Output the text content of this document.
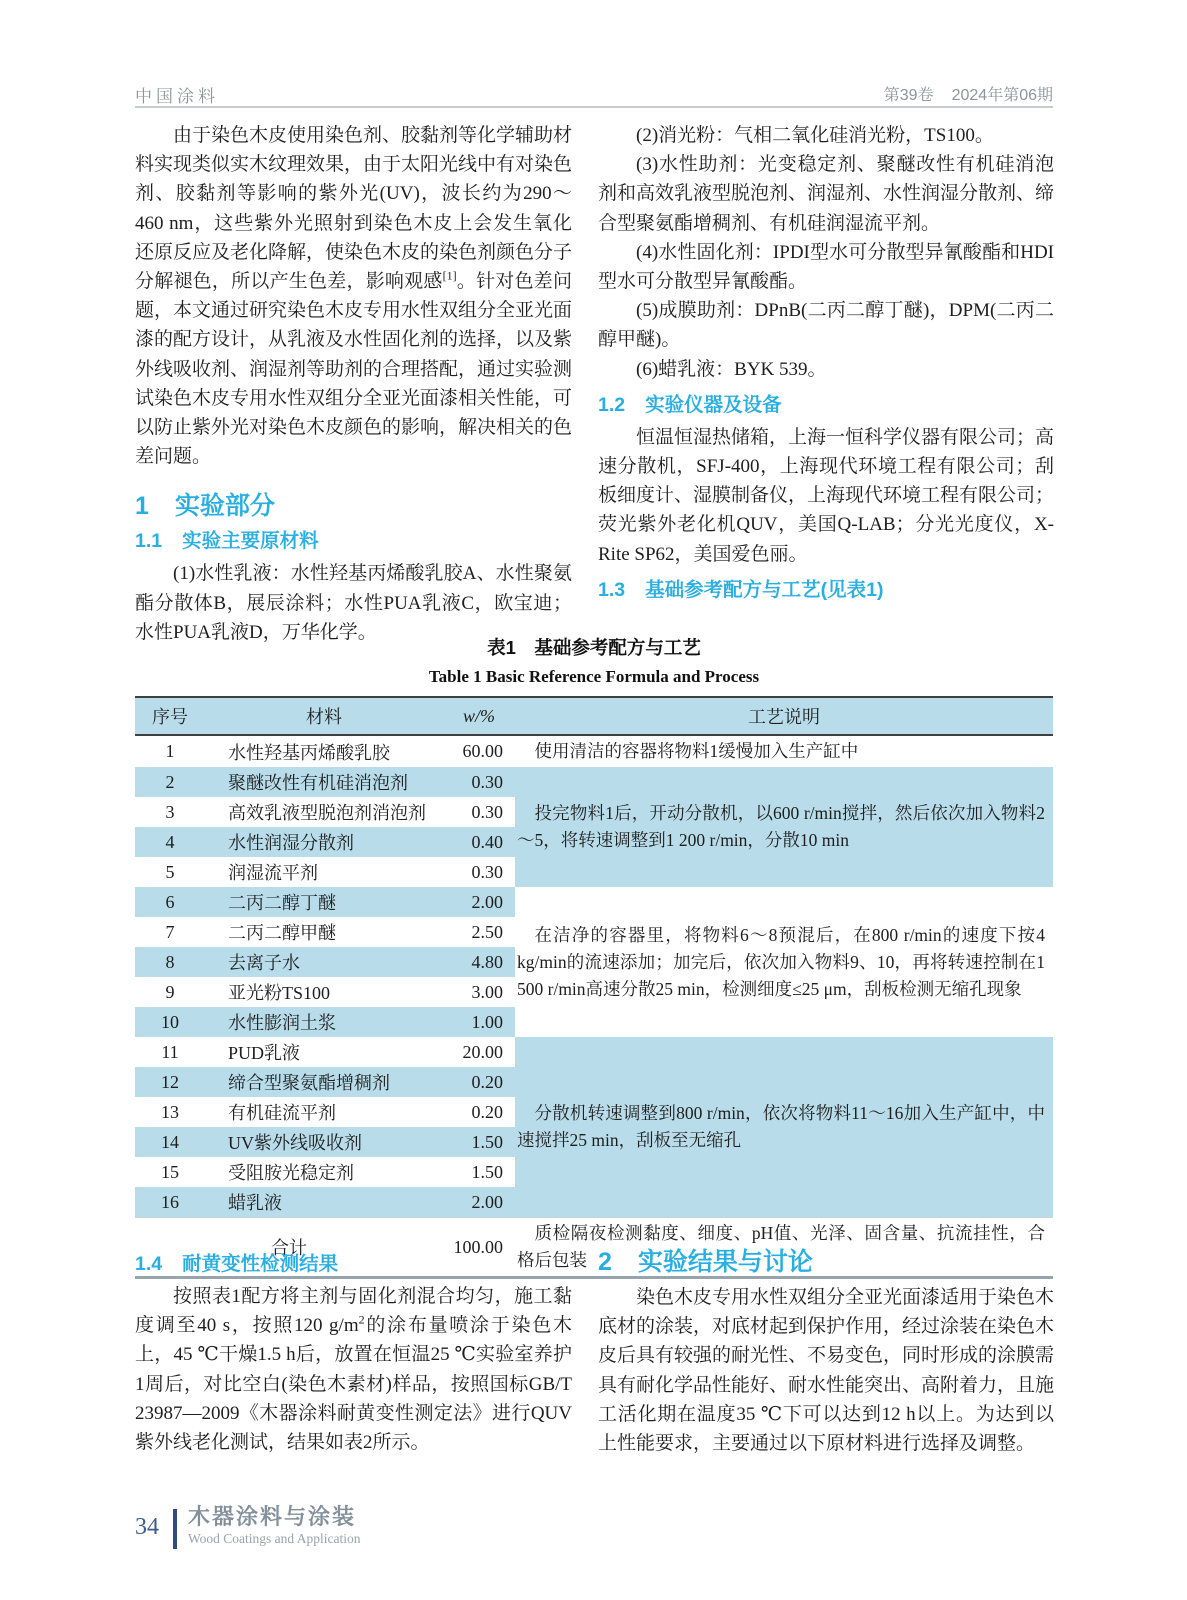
中国涂料	第39卷 2024年第06期

由于染色木皮使用染色剂、胶黏剂等化学辅助材料实现类似实木纹理效果，由于太阳光线中有对染色剂、胶黏剂等影响的紫外光(UV)，波长约为290～460 nm，这些紫外光照射到染色木皮上会发生氧化还原反应及老化降解，使染色木皮的染色剂颜色分子分解褪色，所以产生色差，影响观感[1]。针对色差问题，本文通过研究染色木皮专用水性双组分全亚光面漆的配方设计，从乳液及水性固化剂的选择，以及紫外线吸收剂、润湿剂等助剂的合理搭配，通过实验测试染色木皮专用水性双组分全亚光面漆相关性能，可以防止紫外光对染色木皮颜色的影响，解决相关的色差问题。

1 实验部分
1.1 实验主要原材料

(1)水性乳液：水性羟基丙烯酸乳胶A、水性聚氨酯分散体B，展辰涂料；水性PUA乳液C，欧宝迪；水性PUA乳液D，万华化学。

(2)消光粉：气相二氧化硅消光粉，TS100。

(3)水性助剂：光变稳定剂、聚醚改性有机硅消泡剂和高效乳液型脱泡剂、润湿剂、水性润湿分散剂、缔合型聚氨酯增稠剂、有机硅润湿流平剂。

(4)水性固化剂：IPDI型水可分散型异氰酸酯和HDI型水可分散型异氰酸酯。

(5)成膜助剂：DPnB(二丙二醇丁醚)，DPM(二丙二醇甲醚)。

(6)蜡乳液：BYK 539。

1.2 实验仪器及设备

恒温恒湿热储箱，上海一恒科学仪器有限公司；高速分散机，SFJ-400，上海现代环境工程有限公司；刮板细度计、湿膜制备仪，上海现代环境工程有限公司；荧光紫外老化机QUV，美国Q-LAB；分光光度仪，X-Rite SP62，美国爱色丽。

1.3 基础参考配方与工艺(见表1)

表1　基础参考配方与工艺

Table 1 Basic Reference Formula and Process

序号	材料	w/%	工艺说明
1	水性羟基丙烯酸乳胶	60.00	使用清洁的容器将物料1缓慢加入生产缸中

2	聚醚改性有机硅消泡剂	0.30	投完物料1后，开动分散机，以600 r/min搅拌，然后依次加入物料2～5，将转速调整到1 200 r/min，分散10 min

3	高效乳液型脱泡剂消泡剂	0.30	
4	水性润湿分散剂	0.40	
5	润湿流平剂	0.30	
6	二丙二醇丁醚	2.00	在洁净的容器里，将物料6～8预混后，在800 r/min的速度下按4 kg/min的流速添加；加完后，依次加入物料9、10，再将转速控制在1 500 r/min高速分散25 min，检测细度≤25 μm，刮板检测无缩孔现象

7	二丙二醇甲醚	2.50	
8	去离子水	4.80	
9	亚光粉TS100	3.00	
10	水性膨润土浆	1.00	
11	PUD乳液	20.00	分散机转速调整到800 r/min，依次将物料11～16加入生产缸中，中速搅拌25 min，刮板至无缩孔

12	缔合型聚氨酯增稠剂	0.20	
13	有机硅流平剂	0.20	
14	UV紫外线吸收剂	1.50	
15	受阻胺光稳定剂	1.50	
16	蜡乳液	2.00	
合计		100.00	质检隔夜检测黏度、细度、pH值、光泽、固含量、抗流挂性，合格后包装

1.4 耐黄变性检测结果

按照表1配方将主剂与固化剂混合均匀，施工黏度调至40 s，按照120 g/m$^2$的涂布量喷涂于染色木上，45 ℃干燥1.5 h后，放置在恒温25 ℃实验室养护1周后，对比空白(染色木素材)样品，按照国标GB/T 23987—2009《木器涂料耐黄变性测定法》进行QUV紫外线老化测试，结果如表2所示。

2 实验结果与讨论

染色木皮专用水性双组分全亚光面漆适用于染色木底材的涂装，对底材起到保护作用，经过涂装在染色木皮后具有较强的耐光性、不易变色，同时形成的涂膜需具有耐化学品性能好、耐水性能突出、高附着力，且施工活化期在温度35 ℃下可以达到12 h以上。为达到以上性能要求，主要通过以下原材料进行选择及调整。

34 木器涂料与涂装
Wood Coatings and Application
